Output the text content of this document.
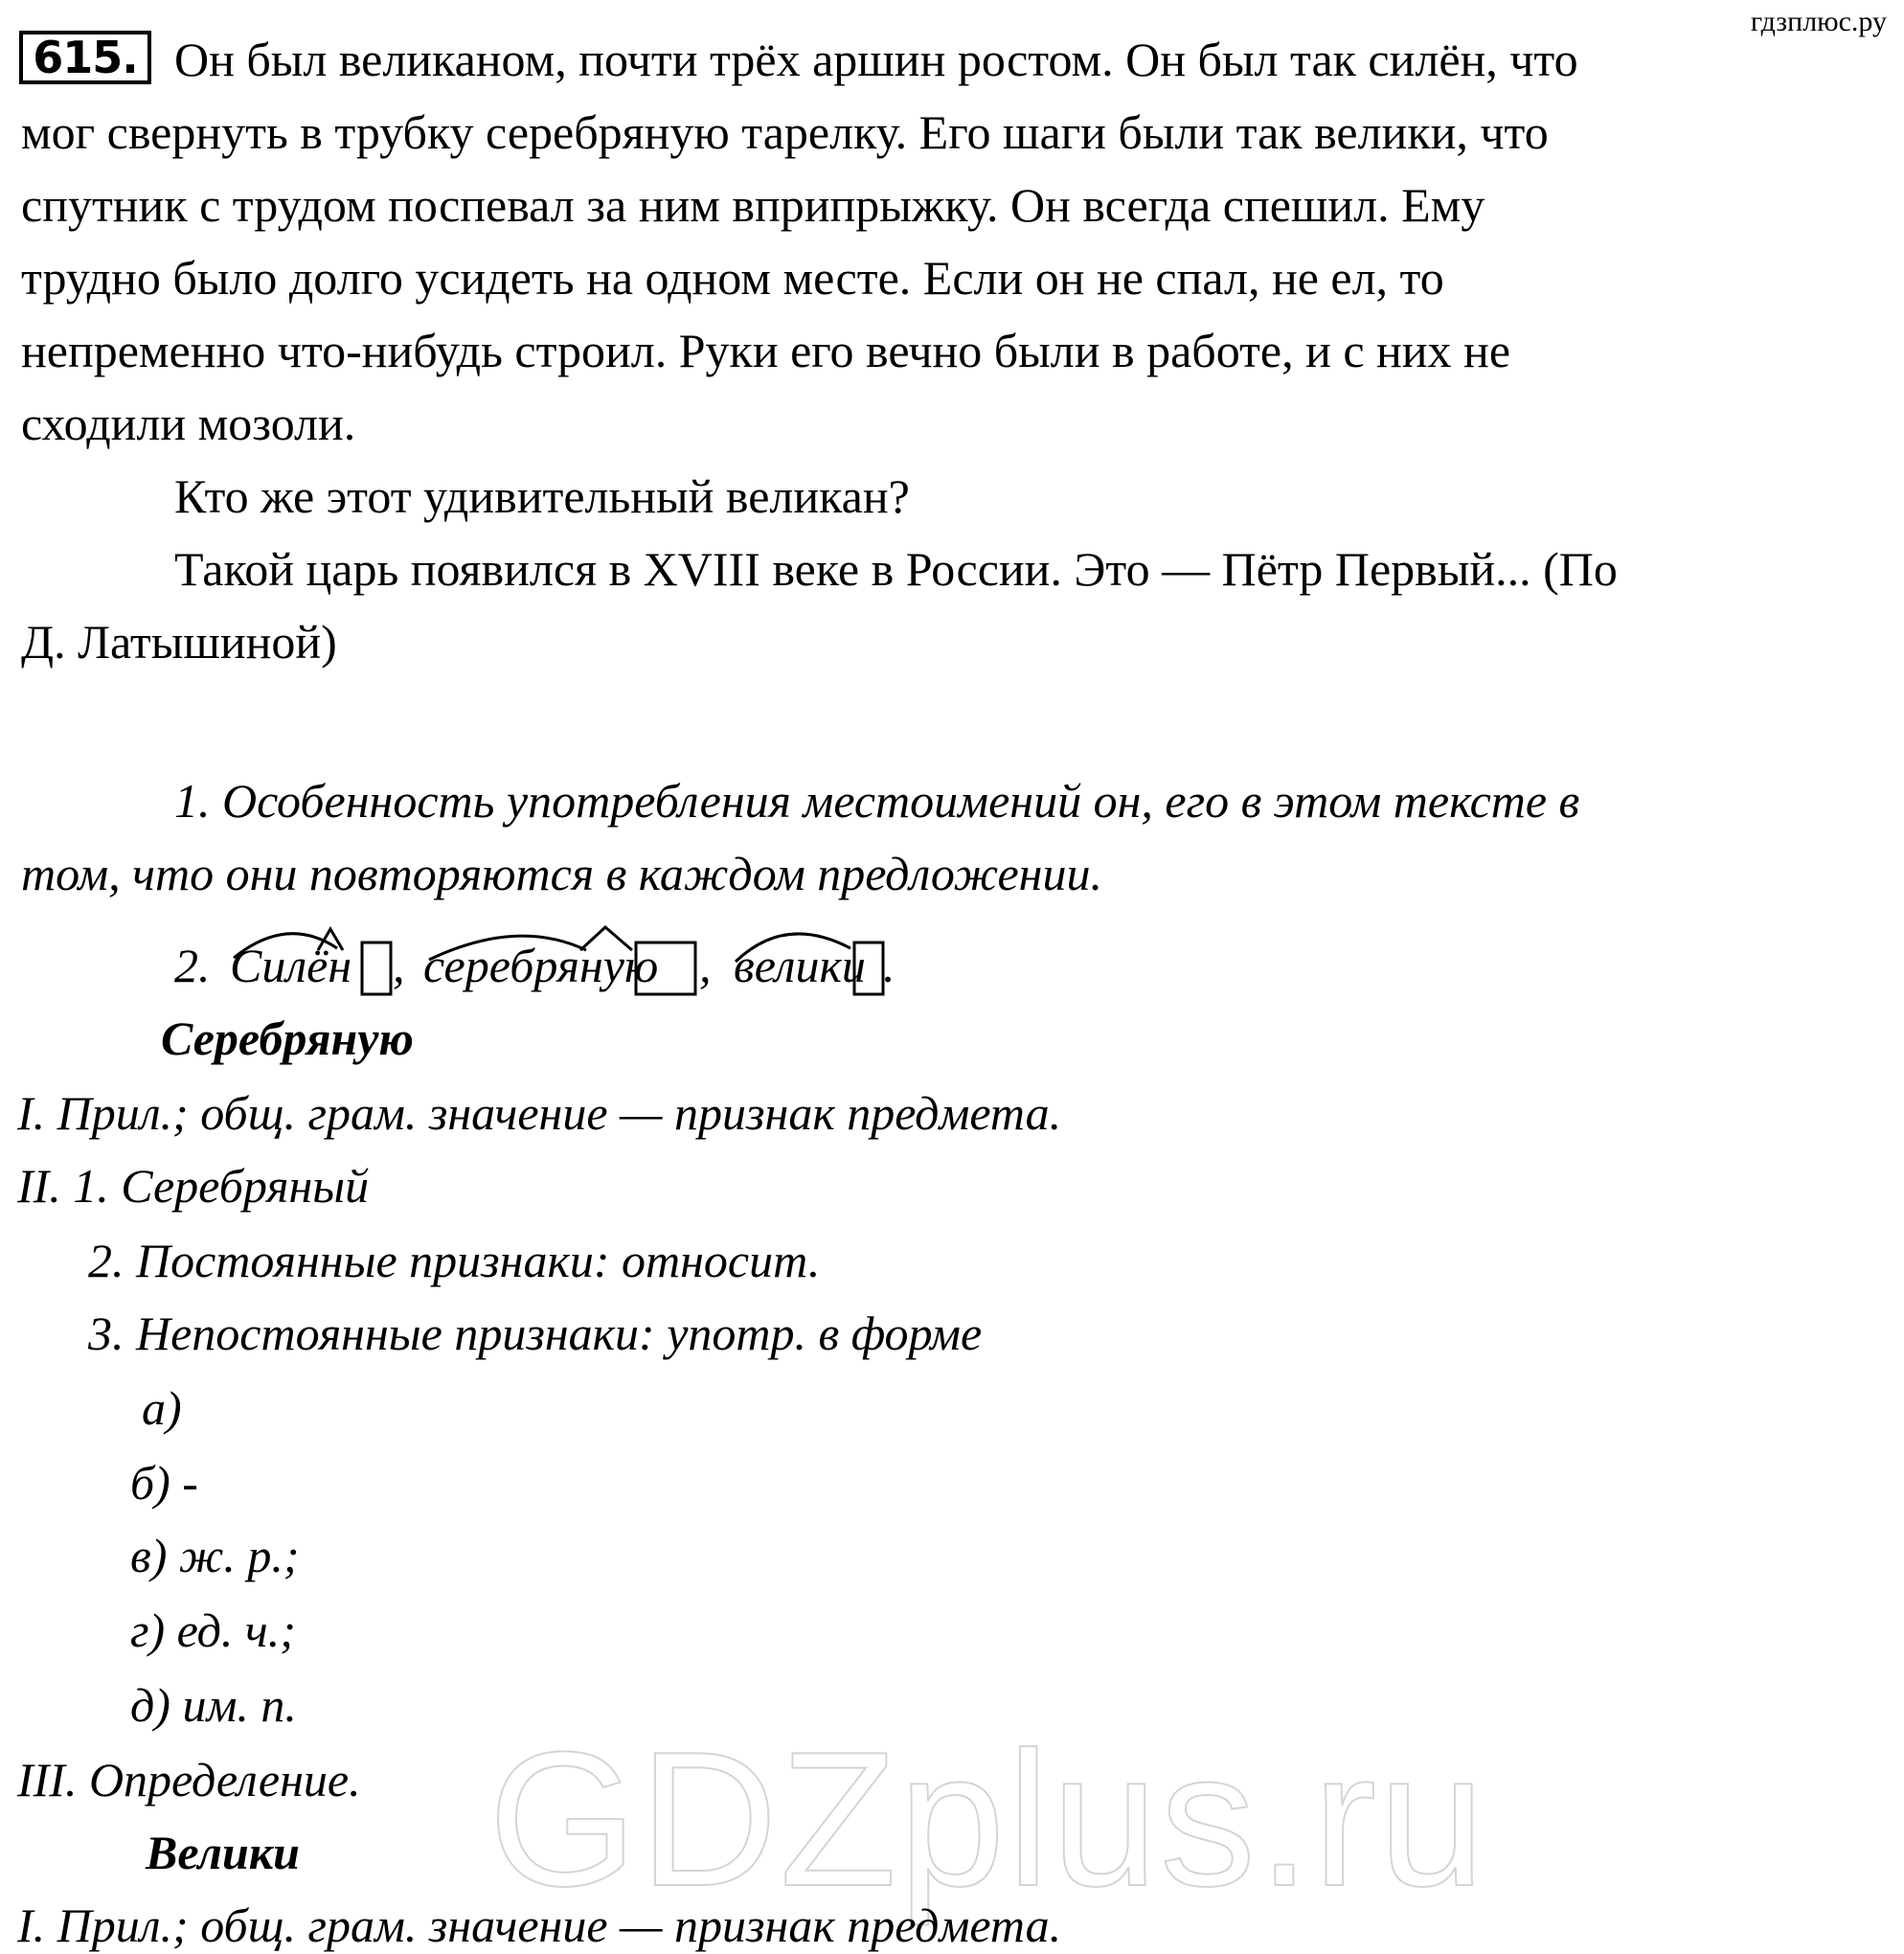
гдзплюс.ру
GDZplus.ru
615. Он был великаном, почти трёх аршин ростом. Он был так силён, что
мог свернуть в трубку серебряную тарелку. Его шаги были так велики, что
спутник с трудом поспевал за ним вприпрыжку. Он всегда спешил. Ему
трудно было долго усидеть на одном месте. Если он не спал, не ел, то
непременно что-нибудь строил. Руки его вечно были в работе, и с них не
сходили мозоли.
Кто же этот удивительный великан?
Такой царь появился в XVIII веке в России. Это — Пётр Первый... (По
Д. Латышиной)
1. Особенность употребления местоимений он, его в этом тексте в
том, что они повторяются в каждом предложении.
2. Силён , серебряную , велики .
Серебряную
I. Прил.; общ. грам. значение — признак предмета.
II. 1. Серебряный
2. Постоянные признаки: относит.
3. Непостоянные признаки: употр. в форме
а)
б) -
в) ж. р.;
г) ед. ч.;
д) им. п.
III. Определение.
Велики
I. Прил.; общ. грам. значение — признак предмета.
